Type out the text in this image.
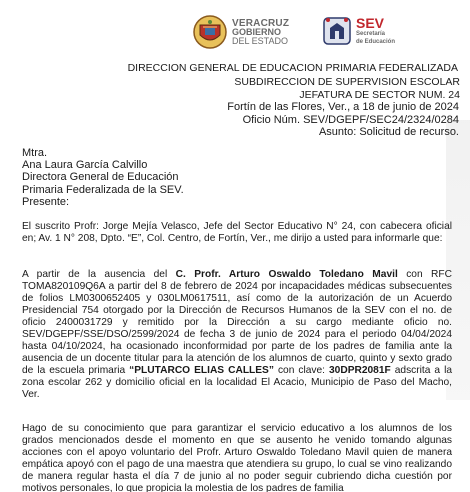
VERACRUZ
GOBIERNO
DEL ESTADO
SEV
Secretaría
de Educación
DIRECCION GENERAL DE EDUCACION PRIMARIA FEDERALIZADA
SUBDIRECCION DE SUPERVISION ESCOLAR
JEFATURA DE SECTOR NUM. 24
Fortín de las Flores, Ver., a 18 de junio de 2024
Oficio Núm. SEV/DGEPF/SEC24/2324/0284
Asunto: Solicitud de recurso.
Mtra.
Ana Laura García Calvillo
Directora General de Educación
Primaria Federalizada de la SEV.
Presente:
El suscrito Profr: Jorge Mejía Velasco, Jefe del Sector Educativo N° 24, con cabecera oficial en; Av. 1 N° 208, Dpto. “E”, Col. Centro, de Fortín, Ver., me dirijo a usted para informarle que:
A partir de la ausencia del C. Profr. Arturo Oswaldo Toledano Mavil con RFC TOMA820109Q6A a partir del 8 de febrero de 2024 por incapacidades médicas subsecuentes de folios LM0300652405 y 030LM0617511, así como de la autorización de un Acuerdo Presidencial 754 otorgado por la Dirección de Recursos Humanos de la SEV con el no. de oficio 2400031729 y remitido por la Dirección a su cargo mediante oficio no. SEV/DGEPF/SSE/DSO/2599/2024 de fecha 3 de junio de 2024 para el periodo 04/04/2024 hasta 04/10/2024, ha ocasionado inconformidad por parte de los padres de familia ante la ausencia de un docente titular para la atención de los alumnos de cuarto, quinto y sexto grado de la escuela primaria “PLUTARCO ELIAS CALLES” con clave: 30DPR2081F adscrita a la zona escolar 262 y domicilio oficial en la localidad El Acacio, Municipio de Paso del Macho, Ver.
Hago de su conocimiento que para garantizar el servicio educativo a los alumnos de los grados mencionados desde el momento en que se ausento he venido tomando algunas acciones con el apoyo voluntario del Profr. Arturo Oswaldo Toledano Mavil quien de manera empática apoyó con el pago de una maestra que atendiera su grupo, lo cual se vino realizando de manera regular hasta el día 7 de junio al no poder seguir cubriendo dicha cuestión por motivos personales, lo que propicia la molestia de los padres de familia
